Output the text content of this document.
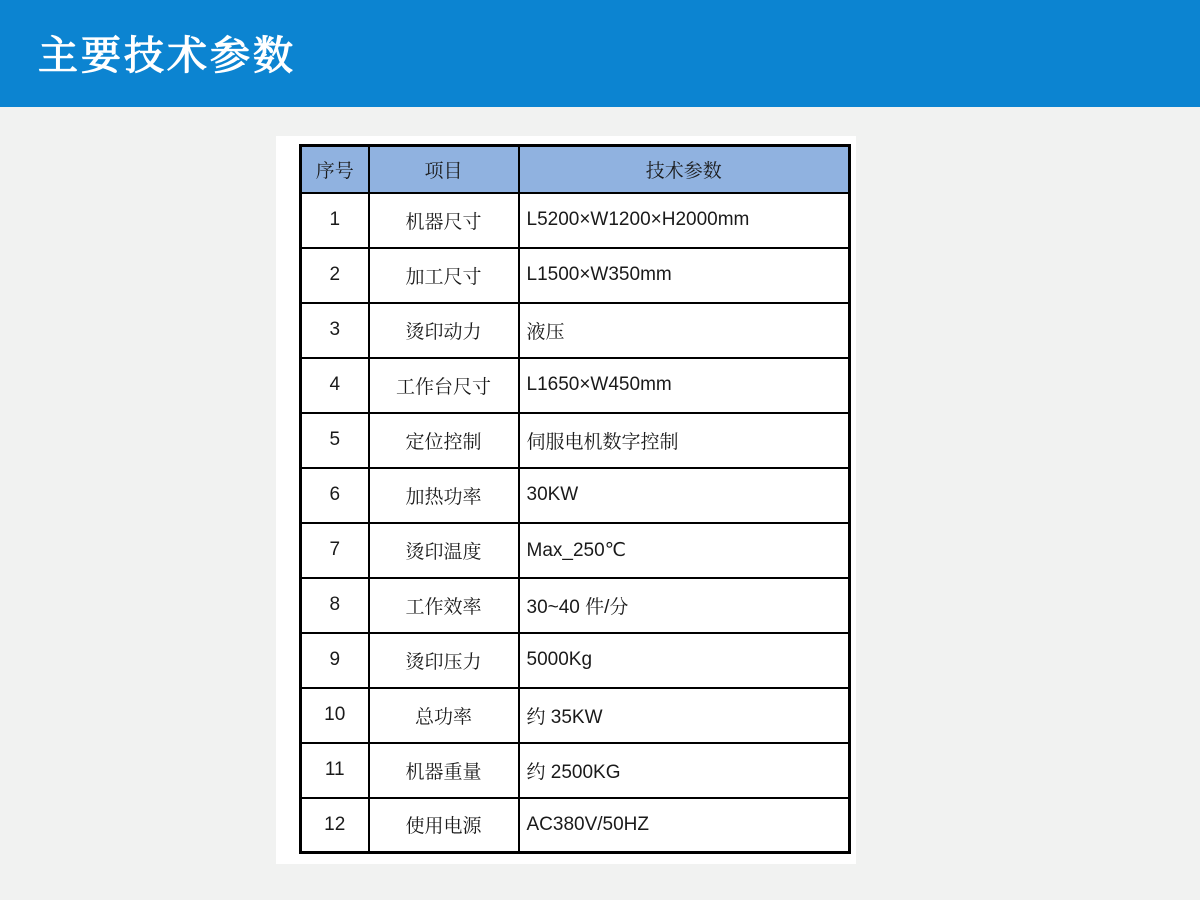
主要技术参数
序号	项目	技术参数
1	机器尺寸	L5200×W1200×H2000mm
2	加工尺寸	L1500×W350mm
3	烫印动力	液压
4	工作台尺寸	L1650×W450mm
5	定位控制	伺服电机数字控制
6	加热功率	30KW
7	烫印温度	Max_250℃
8	工作效率	30~40 件/分
9	烫印压力	5000Kg
10	总功率	约 35KW
11	机器重量	约 2500KG
12	使用电源	AC380V/50HZ
